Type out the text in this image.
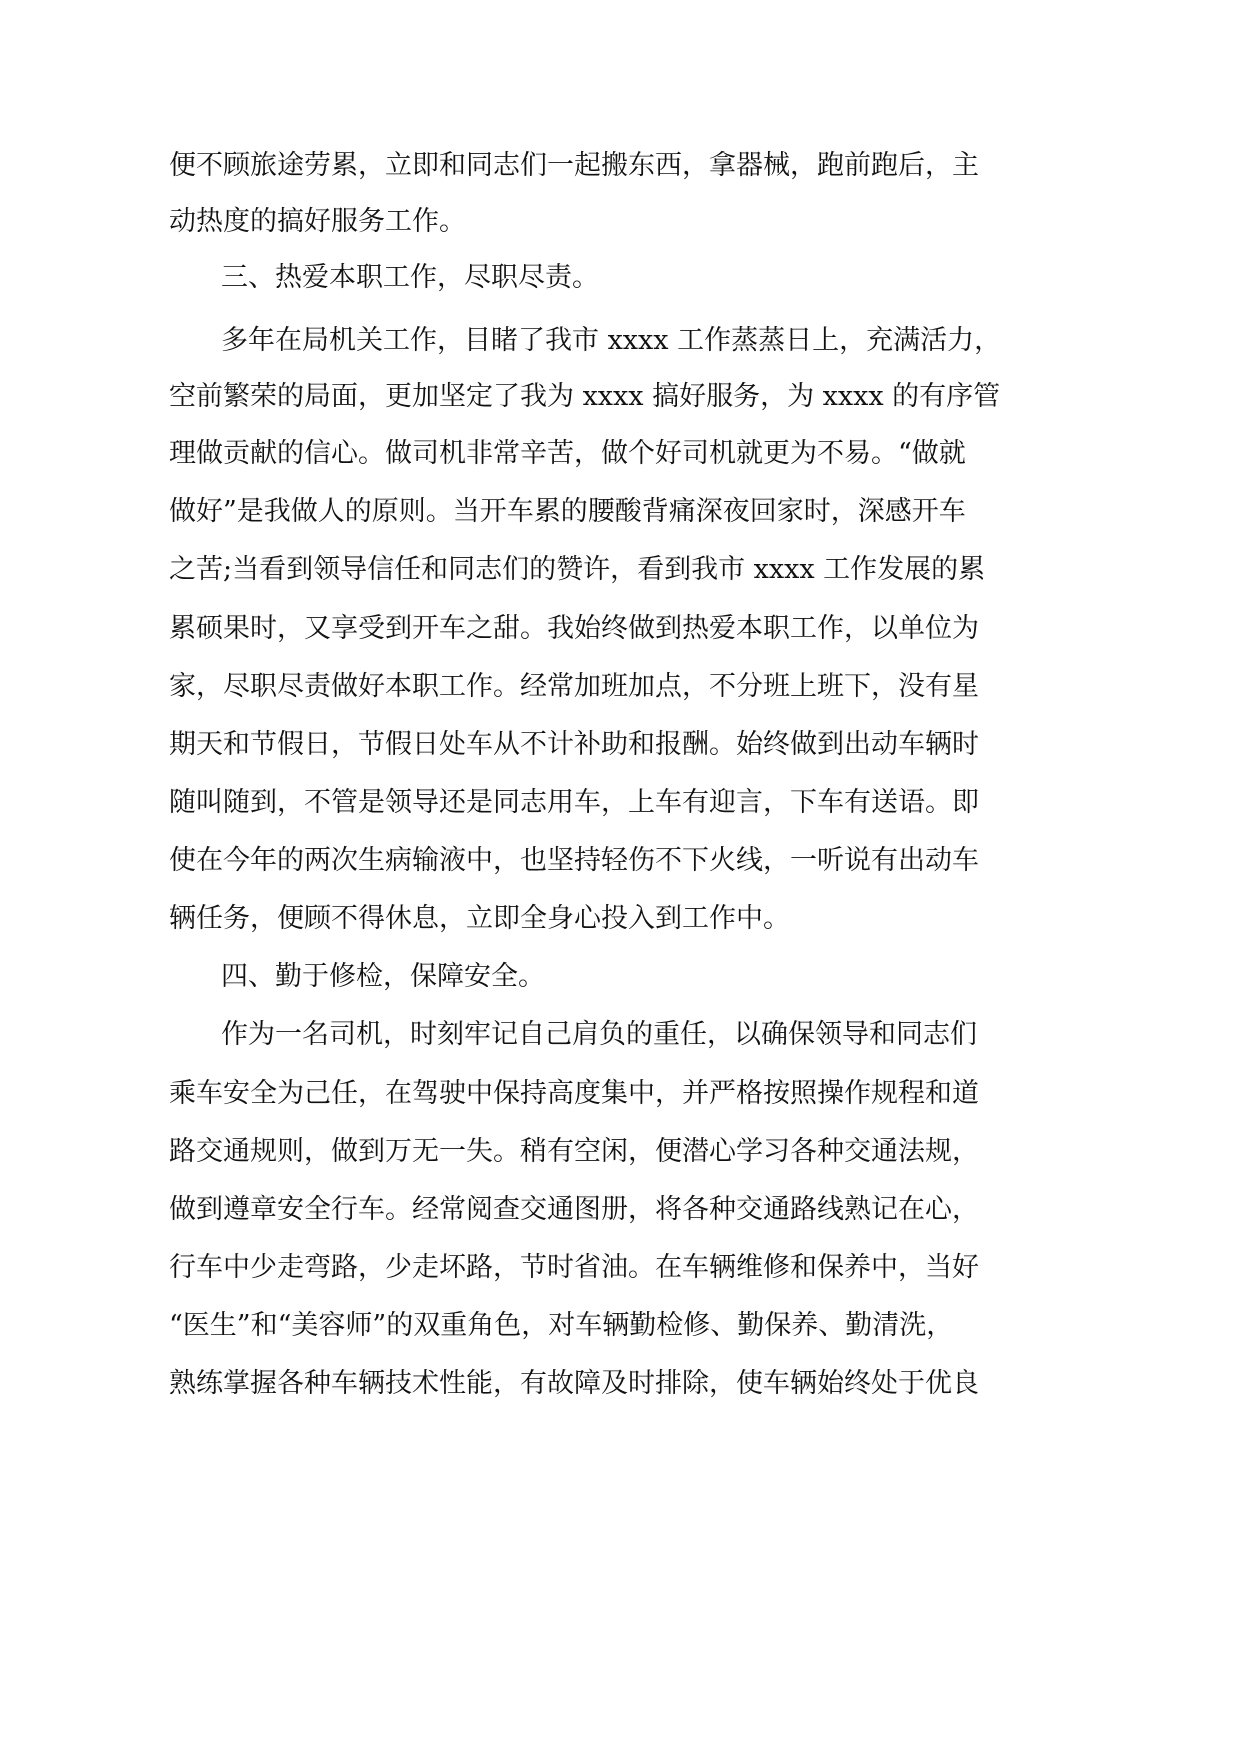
便不顾旅途劳累，立即和同志们一起搬东西，拿器械，跑前跑后，主
动热度的搞好服务工作。
三、热爱本职工作，尽职尽责。
多年在局机关工作，目睹了我市 xxxx 工作蒸蒸日上，充满活力，
空前繁荣的局面，更加坚定了我为 xxxx 搞好服务，为 xxxx 的有序管
理做贡献的信心。做司机非常辛苦，做个好司机就更为不易。“做就
做好”是我做人的原则。当开车累的腰酸背痛深夜回家时，深感开车
之苦;当看到领导信任和同志们的赞许，看到我市 xxxx 工作发展的累
累硕果时，又享受到开车之甜。我始终做到热爱本职工作，以单位为
家，尽职尽责做好本职工作。经常加班加点，不分班上班下，没有星
期天和节假日，节假日处车从不计补助和报酬。始终做到出动车辆时
随叫随到，不管是领导还是同志用车，上车有迎言，下车有送语。即
使在今年的两次生病输液中，也坚持轻伤不下火线，一听说有出动车
辆任务，便顾不得休息，立即全身心投入到工作中。
四、勤于修检，保障安全。
作为一名司机，时刻牢记自己肩负的重任，以确保领导和同志们
乘车安全为己任，在驾驶中保持高度集中，并严格按照操作规程和道
路交通规则，做到万无一失。稍有空闲，便潜心学习各种交通法规，
做到遵章安全行车。经常阅查交通图册，将各种交通路线熟记在心，
行车中少走弯路，少走坏路，节时省油。在车辆维修和保养中，当好
“医生”和“美容师”的双重角色，对车辆勤检修、勤保养、勤清洗，
熟练掌握各种车辆技术性能，有故障及时排除，使车辆始终处于优良
